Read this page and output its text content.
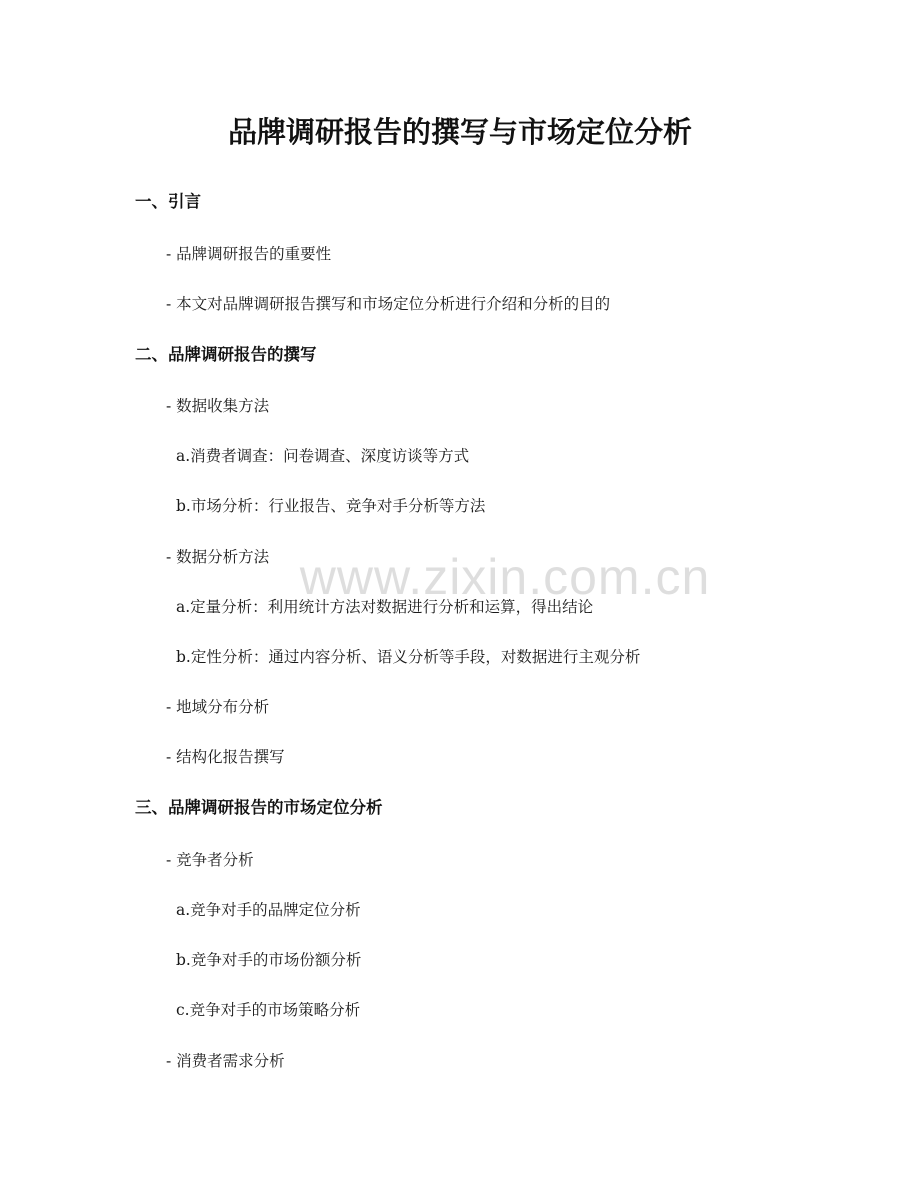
www.zixin.com.cn
品牌调研报告的撰写与市场定位分析
一、引言
- 品牌调研报告的重要性
- 本文对品牌调研报告撰写和市场定位分析进行介绍和分析的目的
二、品牌调研报告的撰写
- 数据收集方法
a.消费者调查：问卷调查、深度访谈等方式
b.市场分析：行业报告、竞争对手分析等方法
- 数据分析方法
a.定量分析：利用统计方法对数据进行分析和运算，得出结论
b.定性分析：通过内容分析、语义分析等手段，对数据进行主观分析
- 地域分布分析
- 结构化报告撰写
三、品牌调研报告的市场定位分析
- 竞争者分析
a.竞争对手的品牌定位分析
b.竞争对手的市场份额分析
c.竞争对手的市场策略分析
- 消费者需求分析
